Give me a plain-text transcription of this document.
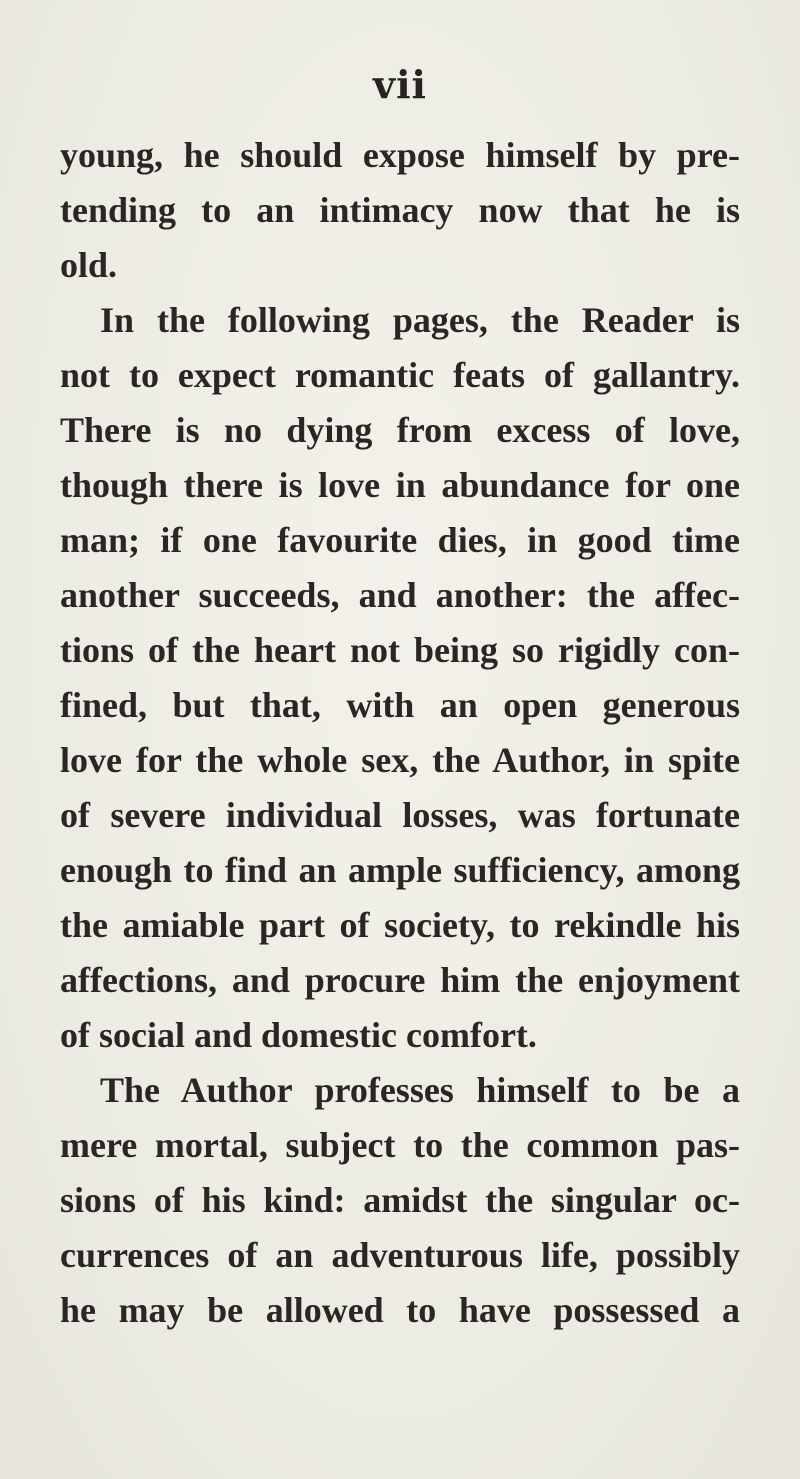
vii
young, he should expose himself by pre-
tending to an intimacy now that he is
old.
In the following pages, the Reader is
not to expect romantic feats of gallantry.
There is no dying from excess of love,
though there is love in abundance for one
man; if one favourite dies, in good time
another succeeds, and another: the affec-
tions of the heart not being so rigidly con-
fined, but that, with an open generous
love for the whole sex, the Author, in spite
of severe individual losses, was fortunate
enough to find an ample sufficiency, among
the amiable part of society, to rekindle his
affections, and procure him the enjoyment
of social and domestic comfort.
The Author professes himself to be a
mere mortal, subject to the common pas-
sions of his kind: amidst the singular oc-
currences of an adventurous life, possibly
he may be allowed to have possessed a
